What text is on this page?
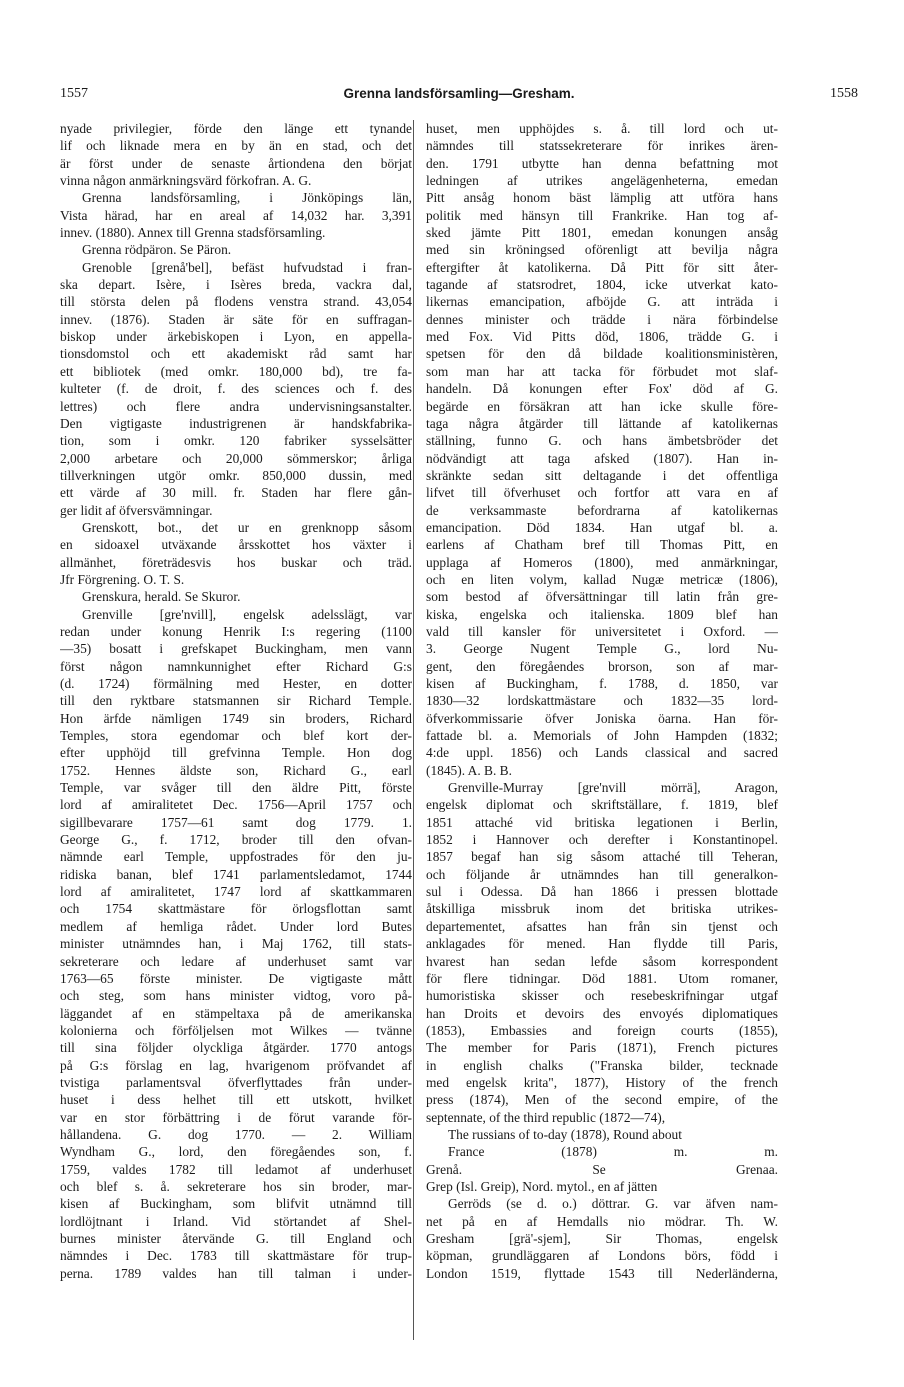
1557	Grenna landsförsamling—Gresham.	1558
nyade privilegier, förde den länge ett tynande
lif och liknade mera en by än en stad, och det
är först under de senaste årtiondena den börjat
vinna någon anmärkningsvärd förkofran. A. G.
Grenna landsförsamling, i Jönköpings län,
Vista härad, har en areal af 14,032 har. 3,391
innev. (1880). Annex till Grenna stadsförsamling.
Grenna rödpäron. Se Päron.
Grenoble [grenå'bel], befäst hufvudstad i fran-
ska depart. Isère, i Isères breda, vackra dal,
till största delen på flodens venstra strand. 43,054
innev. (1876). Staden är säte för en suffragan-
biskop under ärkebiskopen i Lyon, en appella-
tionsdomstol och ett akademiskt råd samt har
ett bibliotek (med omkr. 180,000 bd), tre fa-
kulteter (f. de droit, f. des sciences och f. des
lettres) och flere andra undervisningsanstalter.
Den vigtigaste industrigrenen är handskfabrika-
tion, som i omkr. 120 fabriker sysselsätter
2,000 arbetare och 20,000 sömmerskor; årliga
tillverkningen utgör omkr. 850,000 dussin, med
ett värde af 30 mill. fr. Staden har flere gån-
ger lidit af öfversvämningar.
Grenskott, bot., det ur en grenknopp såsom
en sidoaxel utväxande årsskottet hos växter i
allmänhet, företrädesvis hos buskar och träd.
Jfr Förgrening. O. T. S.
Grenskura, herald. Se Skuror.
Grenville [gre'nvill], engelsk adelsslägt, var
redan under konung Henrik I:s regering (1100
—35) bosatt i grefskapet Buckingham, men vann
först någon namnkunnighet efter Richard G:s
(d. 1724) förmälning med Hester, en dotter
till den ryktbare statsmannen sir Richard Temple.
Hon ärfde nämligen 1749 sin broders, Richard
Temples, stora egendomar och blef kort der-
efter upphöjd till grefvinna Temple. Hon dog
1752. Hennes äldste son, Richard G., earl
Temple, var svåger till den äldre Pitt, förste
lord af amiralitetet Dec. 1756—April 1757 och
sigillbevarare 1757—61 samt dog 1779. 1.
George G., f. 1712, broder till den ofvan-
nämnde earl Temple, uppfostrades för den ju-
ridiska banan, blef 1741 parlamentsledamot, 1744
lord af amiralitetet, 1747 lord af skattkammaren
och 1754 skattmästare för örlogsflottan samt
medlem af hemliga rådet. Under lord Butes
minister utnämndes han, i Maj 1762, till stats-
sekreterare och ledare af underhuset samt var
1763—65 förste minister. De vigtigaste mått
och steg, som hans minister vidtog, voro på-
läggandet af en stämpeltaxa på de amerikanska
kolonierna och förföljelsen mot Wilkes — tvänne
till sina följder olyckliga åtgärder. 1770 antogs
på G:s förslag en lag, hvarigenom pröfvandet af
tvistiga parlamentsval öfverflyttades från under-
huset i dess helhet till ett utskott, hvilket
var en stor förbättring i de förut varande för-
hållandena. G. dog 1770. — 2. William
Wyndham G., lord, den föregåendes son, f.
1759, valdes 1782 till ledamot af underhuset
och blef s. å. sekreterare hos sin broder, mar-
kisen af Buckingham, som blifvit utnämnd till
lordlöjtnant i Irland. Vid störtandet af Shel-
burnes minister återvände G. till England och
nämndes i Dec. 1783 till skattmästare för trup-
perna. 1789 valdes han till talman i under-
huset, men upphöjdes s. å. till lord och ut-
nämndes till statssekreterare för inrikes ären-
den. 1791 utbytte han denna befattning mot
ledningen af utrikes angelägenheterna, emedan
Pitt ansåg honom bäst lämplig att utföra hans
politik med hänsyn till Frankrike. Han tog af-
sked jämte Pitt 1801, emedan konungen ansåg
med sin kröningsed oförenligt att bevilja några
eftergifter åt katolikerna. Då Pitt för sitt åter-
tagande af statsrodret, 1804, icke utverkat kato-
likernas emancipation, afböjde G. att inträda i
dennes minister och trädde i nära förbindelse
med Fox. Vid Pitts död, 1806, trädde G. i
spetsen för den då bildade koalitionsministèren,
som man har att tacka för förbudet mot slaf-
handeln. Då konungen efter Fox' död af G.
begärde en försäkran att han icke skulle före-
taga några åtgärder till lättande af katolikernas
ställning, funno G. och hans ämbetsbröder det
nödvändigt att taga afsked (1807). Han in-
skränkte sedan sitt deltagande i det offentliga
lifvet till öfverhuset och fortfor att vara en af
de verksammaste befordrarna af katolikernas
emancipation. Död 1834. Han utgaf bl. a.
earlens af Chatham bref till Thomas Pitt, en
upplaga af Homeros (1800), med anmärkningar,
och en liten volym, kallad Nugæ metricæ (1806),
som bestod af öfversättningar till latin från gre-
kiska, engelska och italienska. 1809 blef han
vald till kansler för universitetet i Oxford. —
3. George Nugent Temple G., lord Nu-
gent, den föregåendes brorson, son af mar-
kisen af Buckingham, f. 1788, d. 1850, var
1830—32 lordskattmästare och 1832—35 lord-
öfverkommissarie öfver Joniska öarna. Han för-
fattade bl. a. Memorials of John Hampden (1832;
4:de uppl. 1856) och Lands classical and sacred
(1845). A. B. B.
Grenville-Murray [gre'nvill mörrä], Aragon,
engelsk diplomat och skriftställare, f. 1819, blef
1851 attaché vid britiska legationen i Berlin,
1852 i Hannover och derefter i Konstantinopel.
1857 begaf han sig såsom attaché till Teheran,
och följande år utnämndes han till generalkon-
sul i Odessa. Då han 1866 i pressen blottade
åtskilliga missbruk inom det britiska utrikes-
departementet, afsattes han från sin tjenst och
anklagades för mened. Han flydde till Paris,
hvarest han sedan lefde såsom korrespondent
för flere tidningar. Död 1881. Utom romaner,
humoristiska skisser och resebeskrifningar utgaf
han Droits et devoirs des envoyés diplomatiques
(1853), Embassies and foreign courts (1855),
The member for Paris (1871), French pictures
in english chalks ("Franska bilder, tecknade
med engelsk krita", 1877), History of the french
press (1874), Men of the second empire, of the
septennate, of the third republic (1872—74),
The russians of to-day (1878), Round about
France (1878) m. m.
Grenå. Se Grenaa.
Grep (Isl. Greip), Nord. mytol., en af jätten
Gerröds (se d. o.) döttrar. G. var äfven nam-
net på en af Hemdalls nio mödrar. Th. W.
Gresham [grä'-sjem], Sir Thomas, engelsk
köpman, grundläggaren af Londons börs, född i
London 1519, flyttade 1543 till Nederländerna,
